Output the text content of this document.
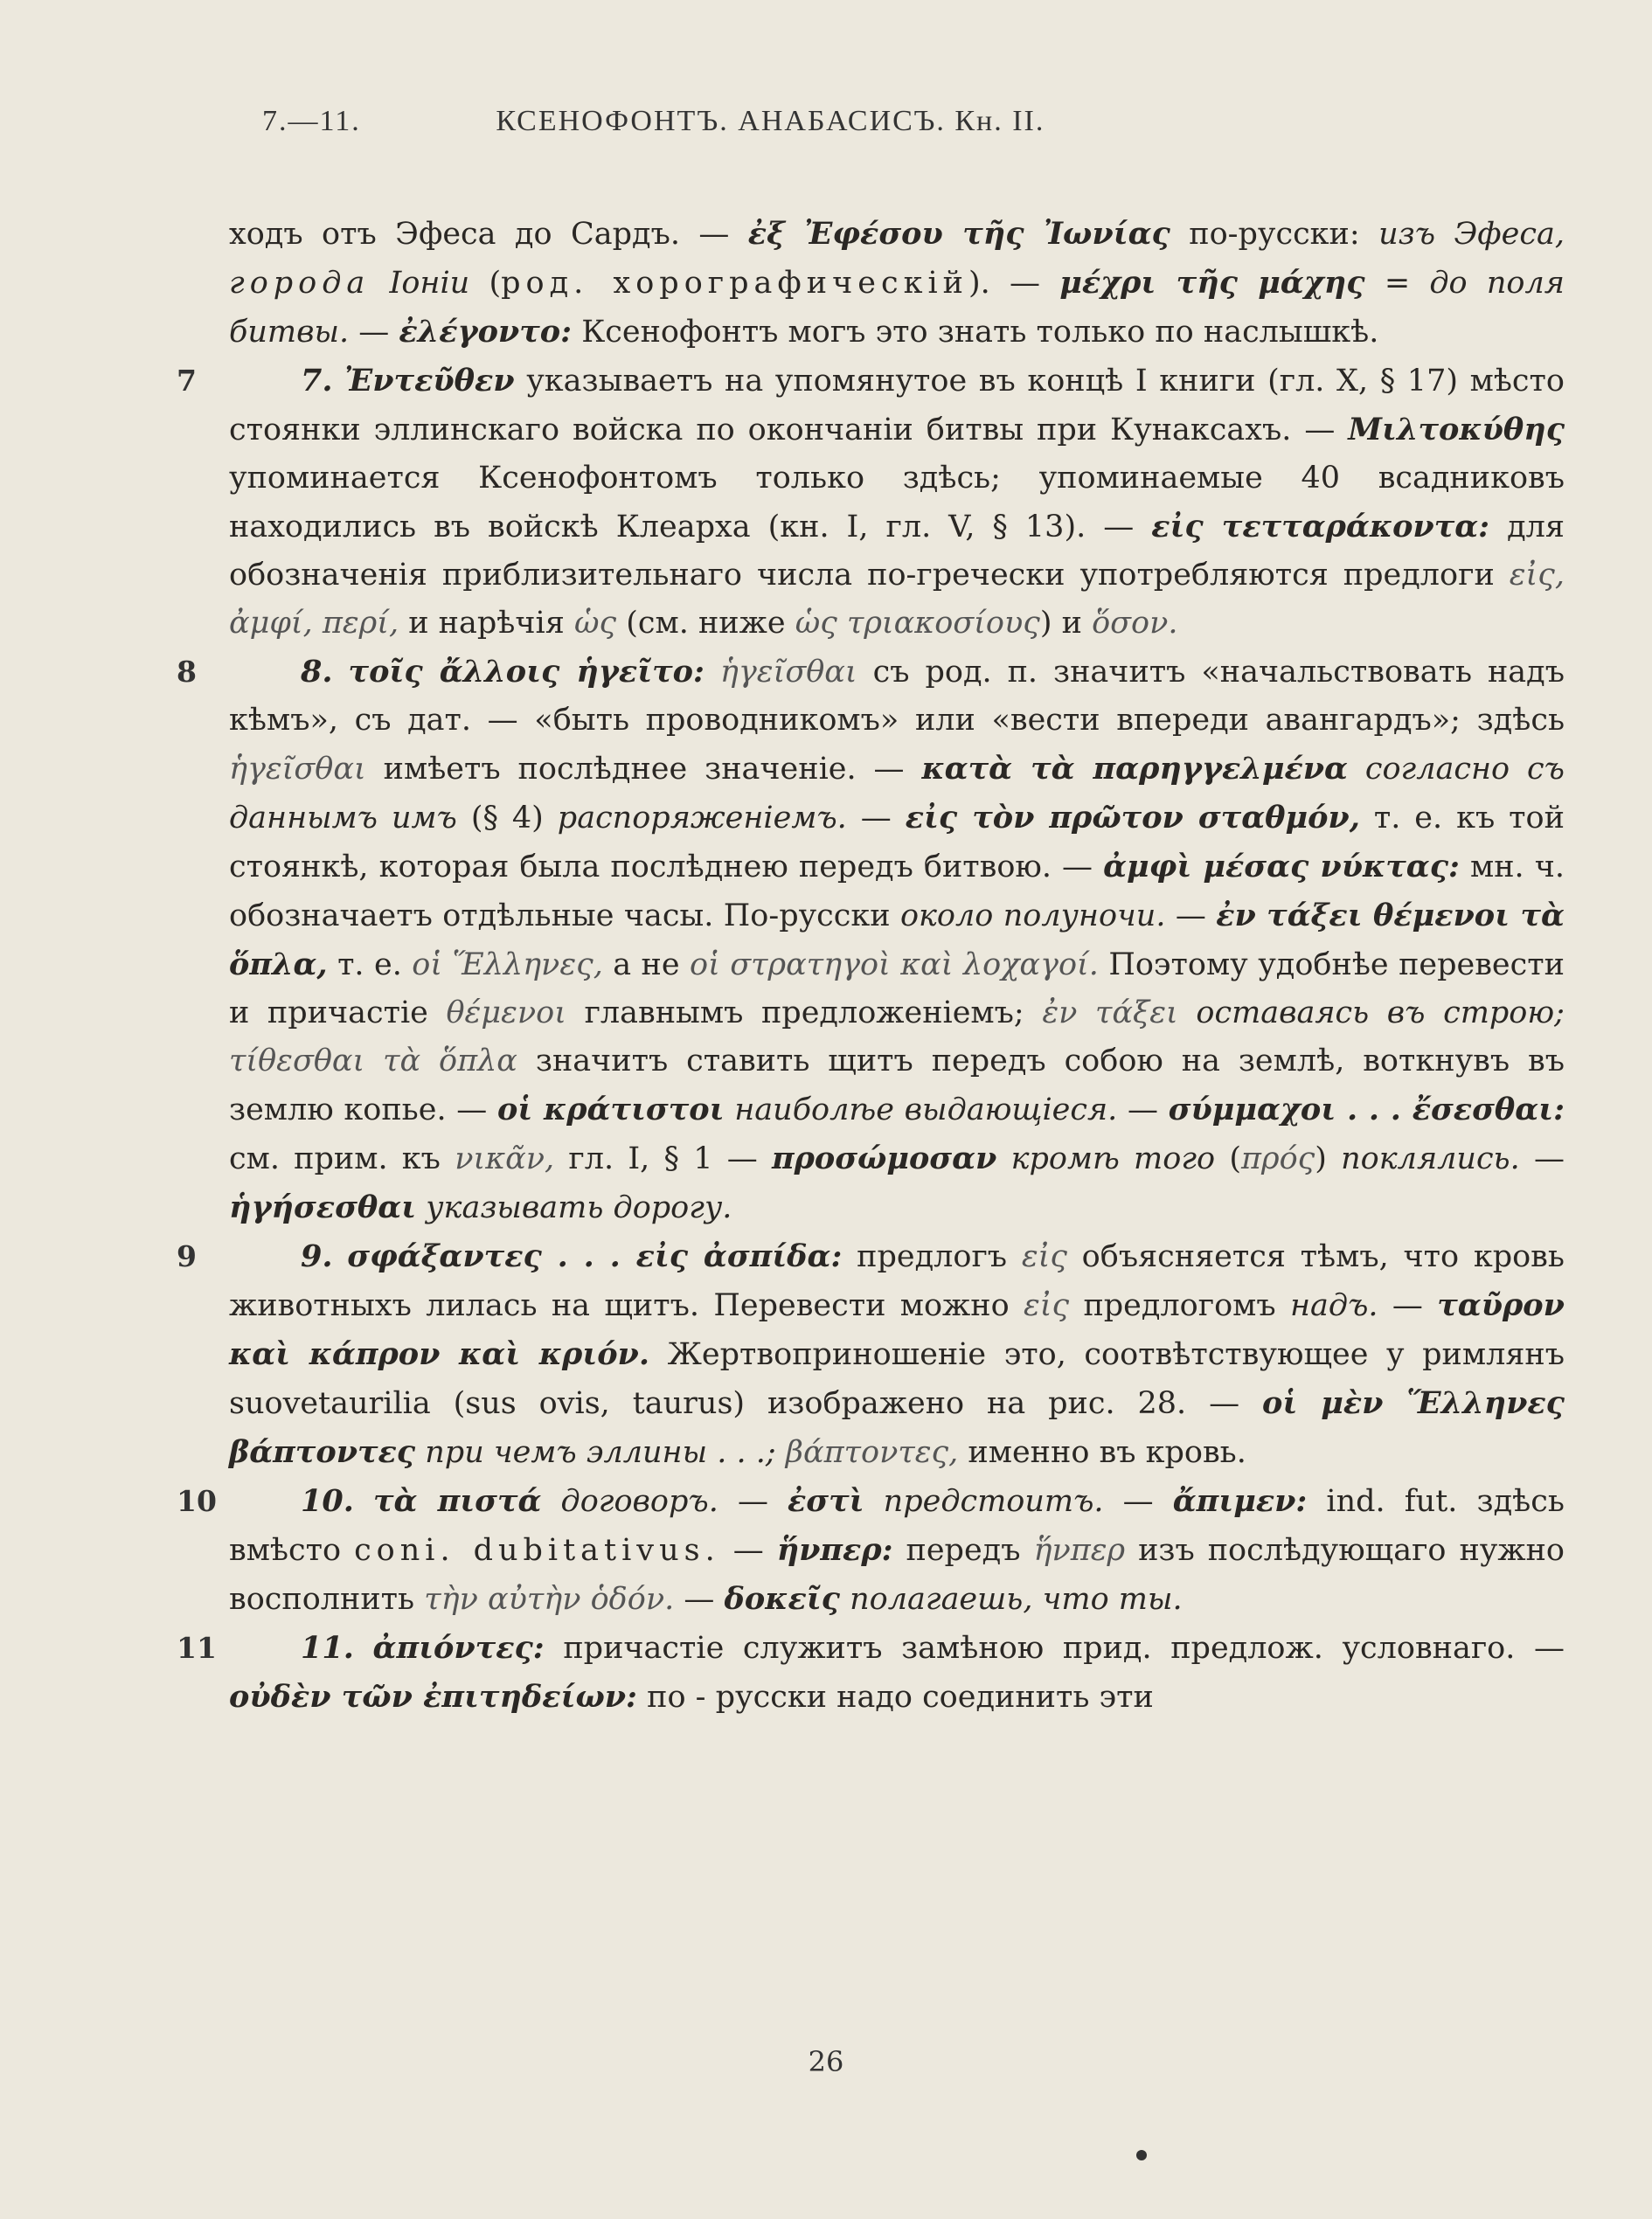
7.—11.	КСЕНОФОНТЪ. АНАБАСИСЪ. Кн. II.

ходъ отъ Эфеса до Сардъ. — ἐξ Ἐφέσου τῆς Ἰωνίας по-русски: изъ Эфеса, города Іоніи (род. хорографическій). — μέχρι τῆς μάχης = до поля битвы. — ἐλέγοντο: Ксенофонтъ могъ это знать только по наслышкѣ.

7	7. Ἐντεῦθεν указываетъ на упомянутое въ концѣ I книги (гл. X, § 17) мѣсто стоянки эллинскаго войска по окончаніи битвы при Кунаксахъ. — Μιλτοκύθης упоминается Ксенофонтомъ только здѣсь; упоминаемые 40 всадниковъ находились въ войскѣ Клеарха (кн. I, гл. V, § 13). — εἰς τετταράκοντα: для обозначенія приблизительнаго числа по-гречески употребляются предлоги εἰς, ἀμφί, περί, и нарѣчія ὡς (см. ниже ὡς τριακοσίους) и ὅσον.

8	8. τοῖς ἄλλοις ἡγεῖτο: ἡγεῖσθαι съ род. п. значитъ «начальствовать надъ кѣмъ», съ дат. — «быть проводникомъ» или «вести впереди авангардъ»; здѣсь ἡγεῖσθαι имѣетъ послѣднее значеніе. — κατὰ τὰ παρηγγελμένα согласно съ даннымъ имъ (§ 4) распоряженіемъ. — εἰς τὸν πρῶτον σταθμόν, т. е. къ той стоянкѣ, которая была послѣднею передъ битвою. — ἀμφὶ μέσας νύκτας: мн. ч. обозначаетъ отдѣльные часы. По-русски около полуночи. — ἐν τάξει θέμενοι τὰ ὅπλα, т. е. οἱ Ἕλληνες, а не οἱ στρατηγοὶ καὶ λοχαγοί. Поэтому удобнѣе перевести и причастіе θέμενοι главнымъ предложеніемъ; ἐν τάξει оставаясь въ строю; τίθεσθαι τὰ ὅπλα значитъ ставить щитъ передъ собою на землѣ, воткнувъ въ землю копье. — οἱ κράτιστοι наиболѣе выдающіеся. — σύμμαχοι . . . ἔσεσθαι: см. прим. къ νικᾶν, гл. I, § 1 — προσώμοσαν кромѣ того (πρός) поклялись. — ἡγήσεσθαι указывать дорогу.

9	9. σφάξαντες . . . εἰς ἀσπίδα: предлогъ εἰς объясняется тѣмъ, что кровь животныхъ лилась на щитъ. Перевести можно εἰς предлогомъ надъ. — ταῦρον καὶ κάπρον καὶ κριόν. Жертвоприношеніе это, соотвѣтствующее у римлянъ suovetaurilia (sus ovis, taurus) изображено на рис. 28. — οἱ μὲν Ἕλληνες βάπτοντες при чемъ эллины . . .; βάπτοντες, именно въ кровь.

10	10. τὰ πιστά договоръ. — ἐστὶ предстоитъ. — ἄπιμεν: ind. fut. здѣсь вмѣсто coni. dubitativus. — ἥνπερ: передъ ἥνπερ изъ послѣдующаго нужно восполнить τὴν αὐτὴν ὁδόν. — δοκεῖς полагаешь, что ты.

11	11. ἀπιόντες: причастіе служитъ замѣною прид. предлож. условнаго. — οὐδὲν τῶν ἐπιτηδείων: по - русски надо соединить эти

26
